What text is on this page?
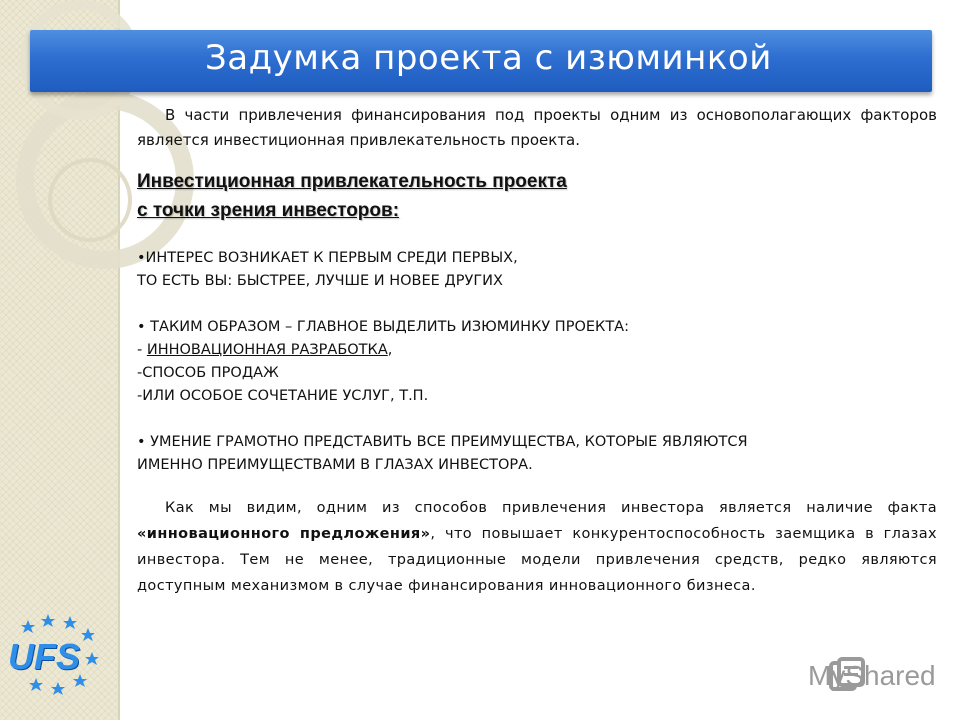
Задумка проекта с изюминкой

В части привлечения финансирования под проекты одним из основополагающих факторов является инвестиционная привлекательность проекта.

Инвестиционная привлекательность проекта
с точки зрения инвесторов:
•ИНТЕРЕС ВОЗНИКАЕТ К ПЕРВЫМ СРЕДИ ПЕРВЫХ,
ТО ЕСТЬ ВЫ: БЫСТРЕЕ, ЛУЧШЕ И НОВЕЕ ДРУГИХ
• ТАКИМ ОБРАЗОМ – ГЛАВНОЕ ВЫДЕЛИТЬ ИЗЮМИНКУ ПРОЕКТА:
- ИННОВАЦИОННАЯ РАЗРАБОТКА,
-СПОСОБ ПРОДАЖ
-ИЛИ ОСОБОЕ СОЧЕТАНИЕ УСЛУГ, Т.П.
• УМЕНИЕ ГРАМОТНО ПРЕДСТАВИТЬ ВСЕ ПРЕИМУЩЕСТВА, КОТОРЫЕ ЯВЛЯЮТСЯ
ИМЕННО ПРЕИМУЩЕСТВАМИ В ГЛАЗАХ ИНВЕСТОРА.

Как мы видим, одним из способов привлечения инвестора является наличие факта «инновационного предложения», что повышает конкурентоспособность заемщика в глазах инвестора. Тем не менее, традиционные модели привлечения средств, редко являются доступным механизмом в случае финансирования инновационного бизнеса.

UFS	MyShared
